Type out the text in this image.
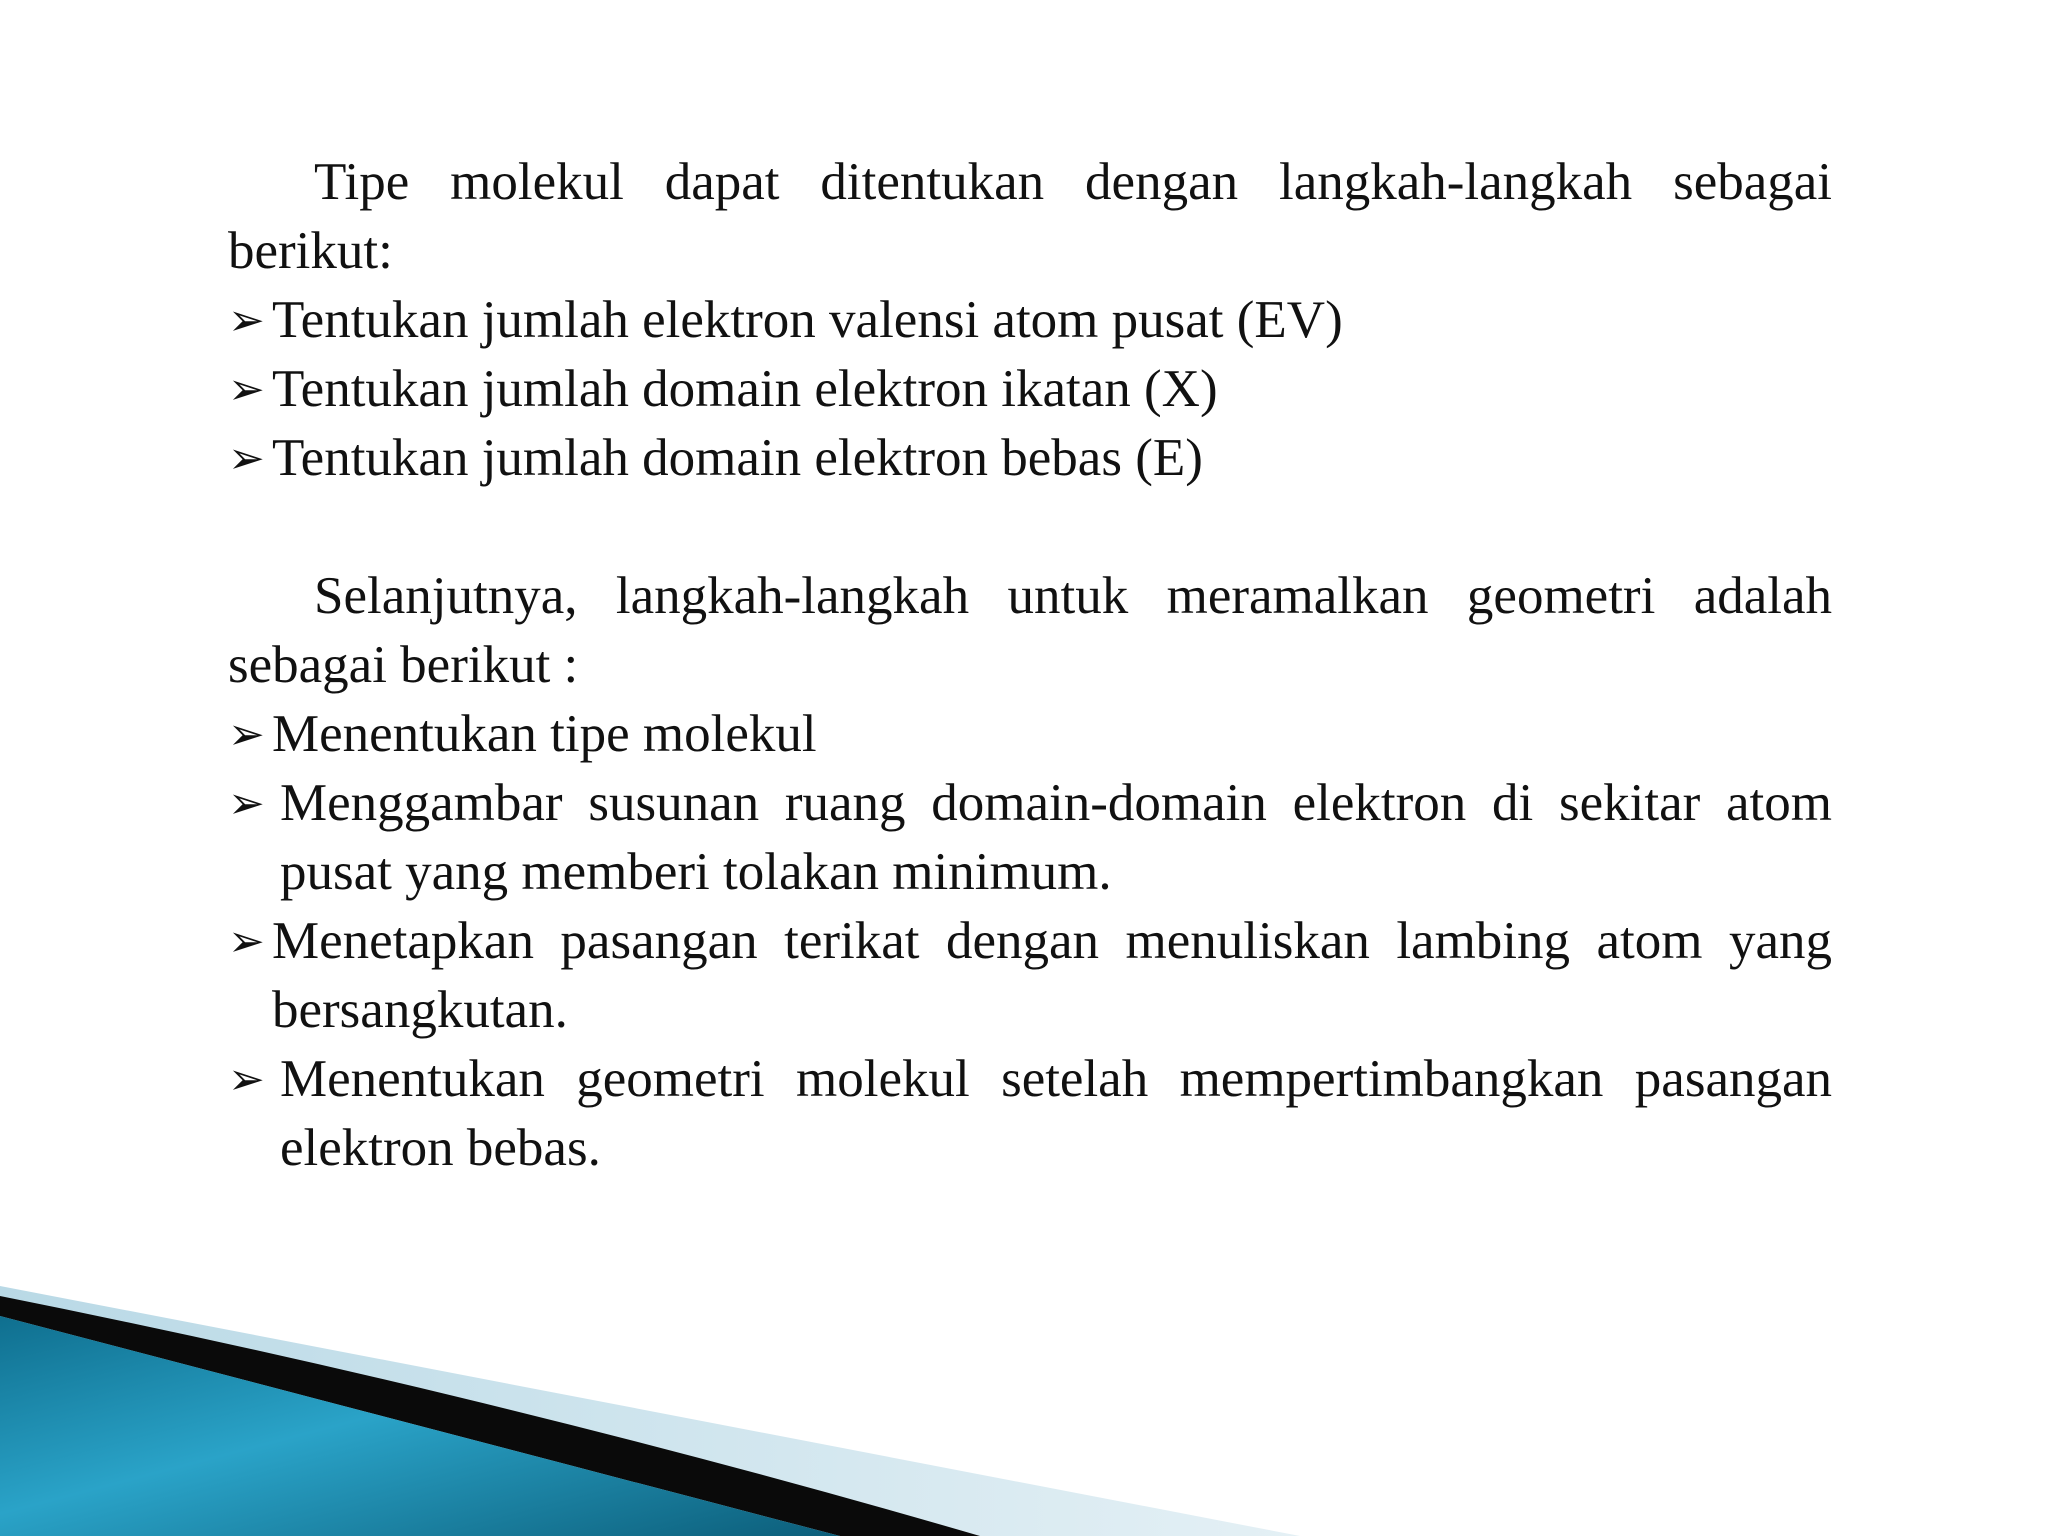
Tipe molekul dapat ditentukan dengan langkah-langkah sebagai berikut:

➢ Tentukan jumlah elektron valensi atom pusat (EV)
➢ Tentukan jumlah domain elektron ikatan (X)
➢ Tentukan jumlah domain elektron bebas (E)

Selanjutnya, langkah-langkah untuk meramalkan geometri adalah sebagai berikut :

➢ Menentukan tipe molekul
➢ Menggambar susunan ruang domain-domain elektron di sekitar atom pusat yang memberi tolakan minimum.
➢ Menetapkan pasangan terikat dengan menuliskan lambing atom yang bersangkutan.
➢ Menentukan geometri molekul setelah mempertimbangkan pasangan elektron bebas.
